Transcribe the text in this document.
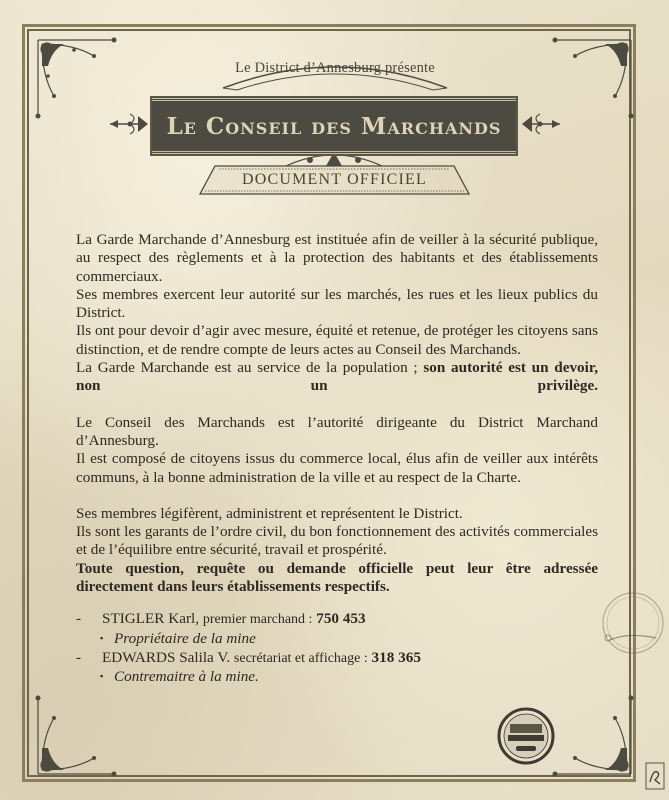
Le District d’Annesburg présente
Le Conseil des Marchands
DOCUMENT OFFICIEL

La Garde Marchande d’Annesburg est instituée afin de veiller à la sécurité publique, au respect des règlements et à la protection des habitants et des établissements commerciaux.

Ses membres exercent leur autorité sur les marchés, les rues et les lieux publics du District.

Ils ont pour devoir d’agir avec mesure, équité et retenue, de protéger les citoyens sans distinction, et de rendre compte de leurs actes au Conseil des Marchands.

La Garde Marchande est au service de la population ; son autorité est un devoir, non un privilège.

Le Conseil des Marchands est l’autorité dirigeante du District Marchand d’Annesburg.

Il est composé de citoyens issus du commerce local, élus afin de veiller aux intérêts communs, à la bonne administration de la ville et au respect de la Charte.

Ses membres légifèrent, administrent et représentent le District.

Ils sont les garants de l’ordre civil, du bon fonctionnement des activités commerciales et de l’équilibre entre sécurité, travail et prospérité.

Toute question, requête ou demande officielle peut leur être adressée directement dans leurs établissements respectifs.

-	STIGLER Karl,
premier marchand :
750 453
▪ Propriétaire de la mine
-	EDWARDS Salila V.
secrétariat et affichage :
318 365
▪ Contremaitre à la mine.
